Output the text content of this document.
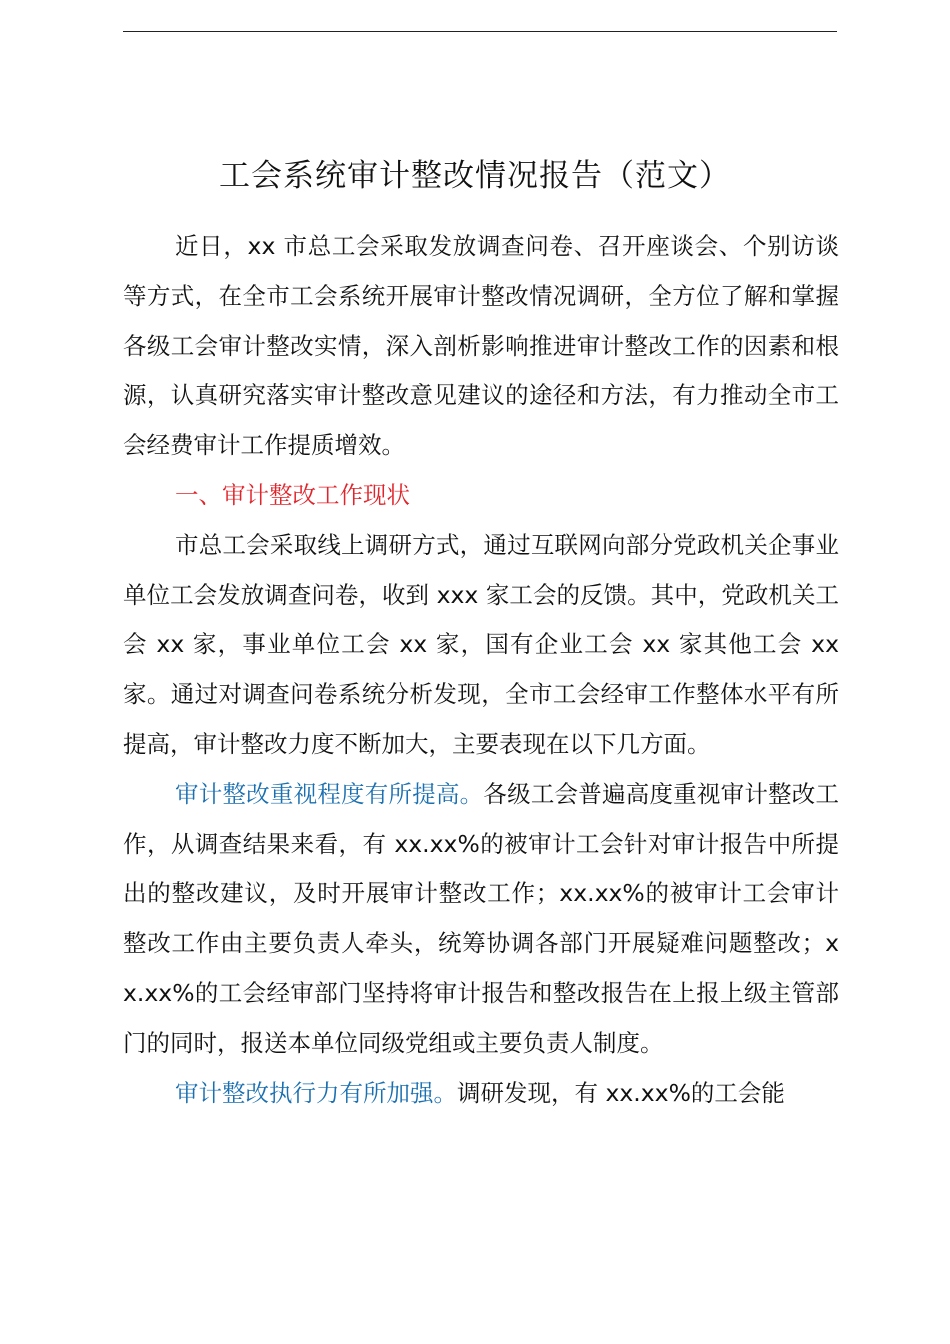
工会系统审计整改情况报告（范文）

近日，xx 市总工会采取发放调查问卷、召开座谈会、个别访谈等方式，在全市工会系统开展审计整改情况调研，全方位了解和掌握各级工会审计整改实情，深入剖析影响推进审计整改工作的因素和根源，认真研究落实审计整改意见建议的途径和方法，有力推动全市工会经费审计工作提质增效。

一、审计整改工作现状

市总工会采取线上调研方式，通过互联网向部分党政机关企事业单位工会发放调查问卷，收到 xxx 家工会的反馈。其中，党政机关工会 xx 家，事业单位工会 xx 家，国有企业工会 xx 家其他工会 xx 家。通过对调查问卷系统分析发现，全市工会经审工作整体水平有所提高，审计整改力度不断加大，主要表现在以下几方面。

审计整改重视程度有所提高。各级工会普遍高度重视审计整改工作，从调查结果来看，有 xx.xx%的被审计工会针对审计报告中所提出的整改建议，及时开展审计整改工作；xx.xx%的被审计工会审计整改工作由主要负责人牵头，统筹协调各部门开展疑难问题整改；xx.xx%的工会经审部门坚持将审计报告和整改报告在上报上级主管部门的同时，报送本单位同级党组或主要负责人制度。

审计整改执行力有所加强。调研发现，有 xx.xx%的工会能
